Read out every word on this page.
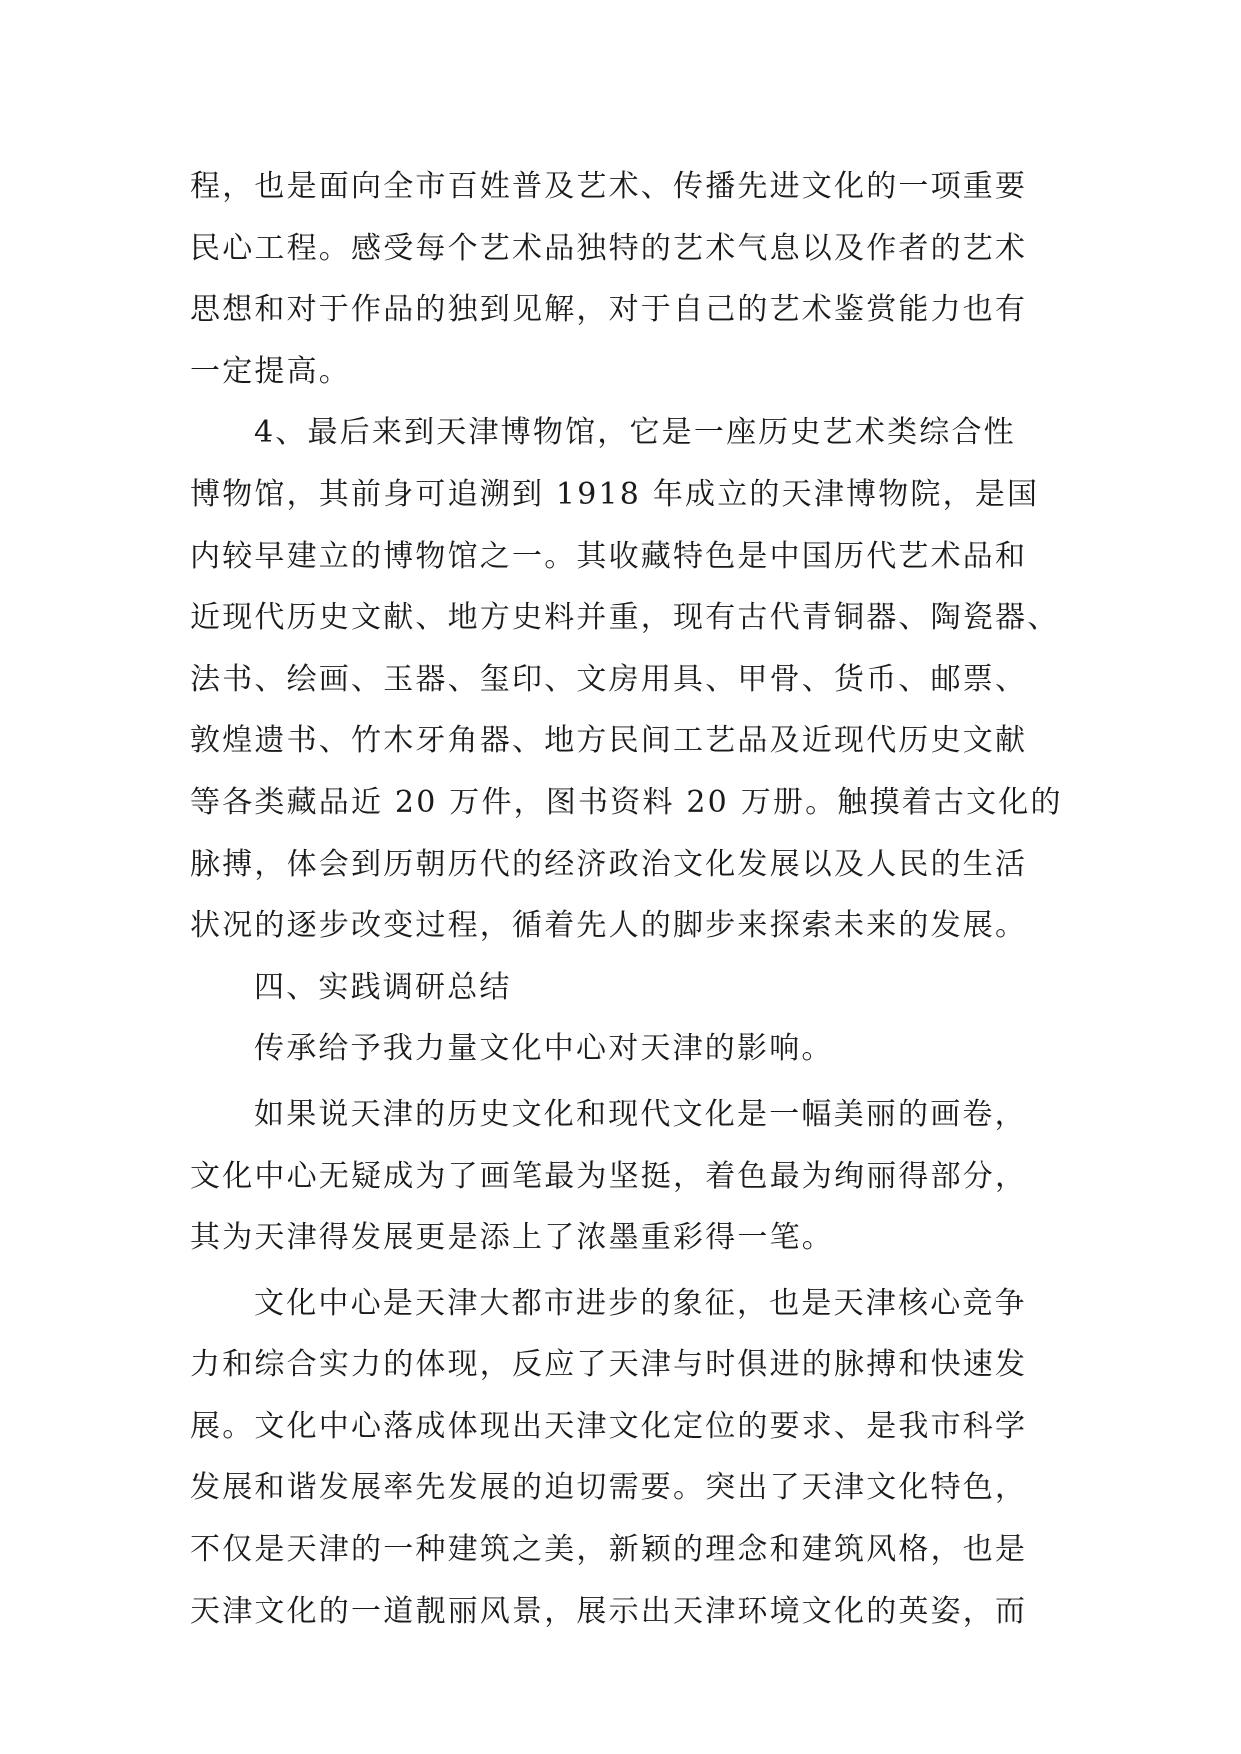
程，也是面向全市百姓普及艺术、传播先进文化的一项重要
民心工程。感受每个艺术品独特的艺术气息以及作者的艺术
思想和对于作品的独到见解，对于自己的艺术鉴赏能力也有
一定提高。
4、最后来到天津博物馆，它是一座历史艺术类综合性
博物馆，其前身可追溯到 1918 年成立的天津博物院，是国
内较早建立的博物馆之一。其收藏特色是中国历代艺术品和
近现代历史文献、地方史料并重，现有古代青铜器、陶瓷器、
法书、绘画、玉器、玺印、文房用具、甲骨、货币、邮票、
敦煌遗书、竹木牙角器、地方民间工艺品及近现代历史文献
等各类藏品近 20 万件，图书资料 20 万册。触摸着古文化的
脉搏，体会到历朝历代的经济政治文化发展以及人民的生活
状况的逐步改变过程，循着先人的脚步来探索未来的发展。
四、实践调研总结
传承给予我力量文化中心对天津的影响。
如果说天津的历史文化和现代文化是一幅美丽的画卷，
文化中心无疑成为了画笔最为坚挺，着色最为绚丽得部分，
其为天津得发展更是添上了浓墨重彩得一笔。
文化中心是天津大都市进步的象征，也是天津核心竞争
力和综合实力的体现，反应了天津与时俱进的脉搏和快速发
展。文化中心落成体现出天津文化定位的要求、是我市科学
发展和谐发展率先发展的迫切需要。突出了天津文化特色，
不仅是天津的一种建筑之美，新颖的理念和建筑风格，也是
天津文化的一道靓丽风景，展示出天津环境文化的英姿，而
